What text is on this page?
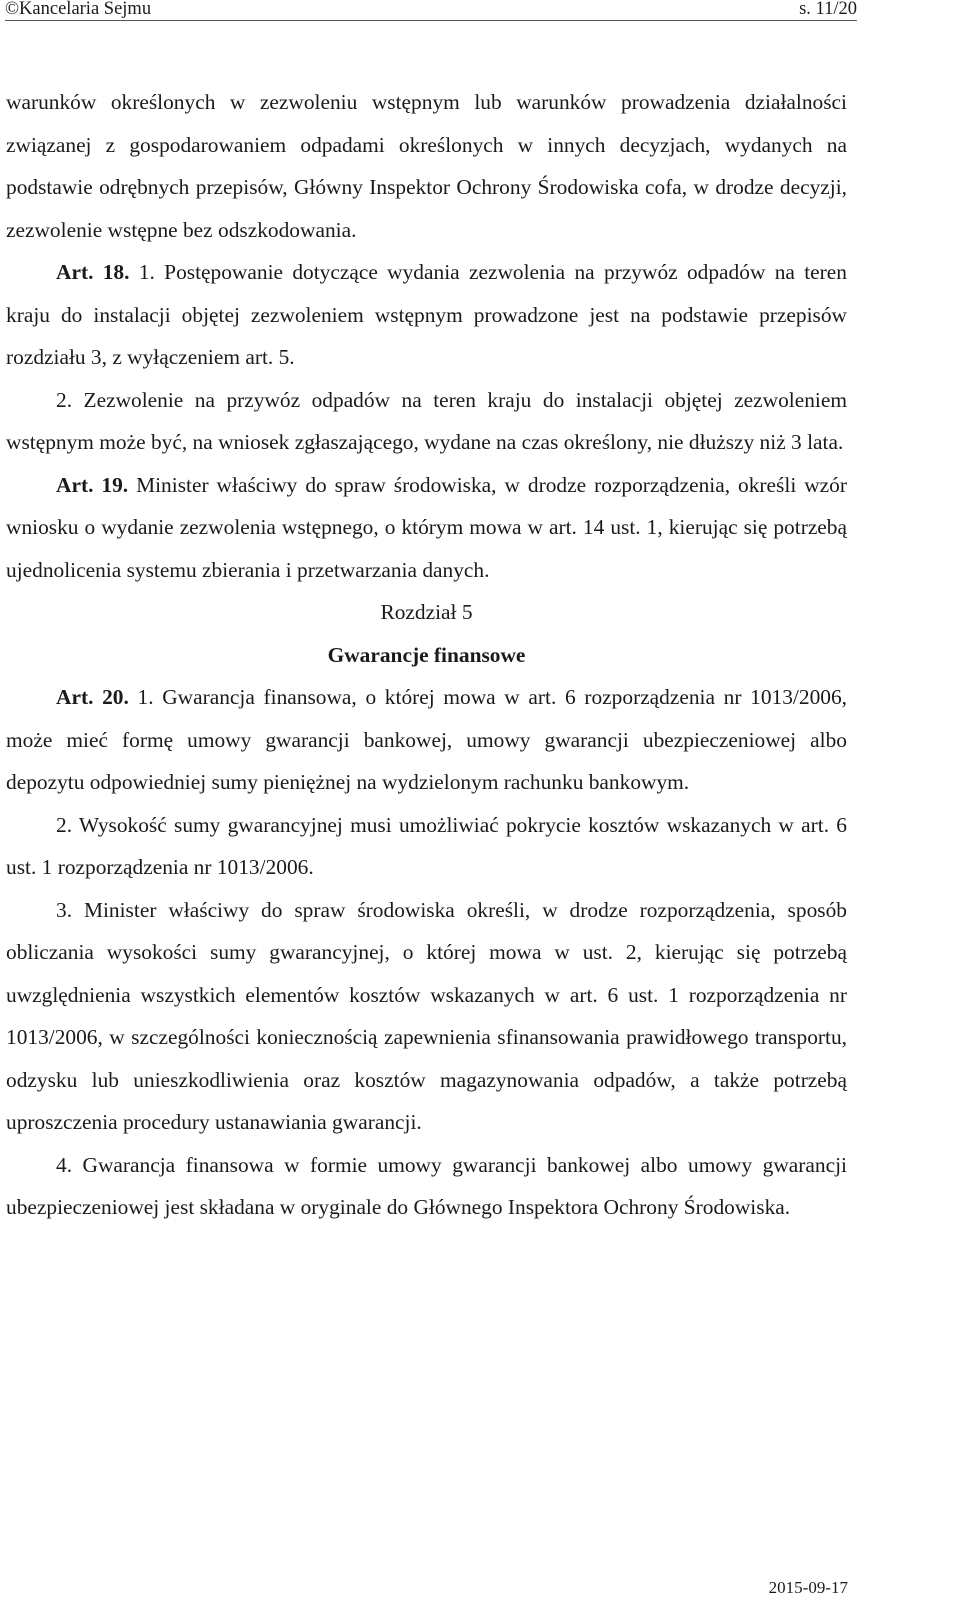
©Kancelaria Sejmu	s. 11/20

warunków określonych w zezwoleniu wstępnym lub warunków prowadzenia działalności związanej z gospodarowaniem odpadami określonych w innych decyzjach, wydanych na podstawie odrębnych przepisów, Główny Inspektor Ochrony Środowiska cofa, w drodze decyzji, zezwolenie wstępne bez odszkodowania.

Art. 18. 1. Postępowanie dotyczące wydania zezwolenia na przywóz odpadów na teren kraju do instalacji objętej zezwoleniem wstępnym prowadzone jest na podstawie przepisów rozdziału 3, z wyłączeniem art. 5.

2. Zezwolenie na przywóz odpadów na teren kraju do instalacji objętej zezwoleniem wstępnym może być, na wniosek zgłaszającego, wydane na czas określony, nie dłuższy niż 3 lata.

Art. 19. Minister właściwy do spraw środowiska, w drodze rozporządzenia, określi wzór wniosku o wydanie zezwolenia wstępnego, o którym mowa w art. 14 ust. 1, kierując się potrzebą ujednolicenia systemu zbierania i przetwarzania danych.

Rozdział 5

Gwarancje finansowe

Art. 20. 1. Gwarancja finansowa, o której mowa w art. 6 rozporządzenia nr 1013/2006, może mieć formę umowy gwarancji bankowej, umowy gwarancji ubezpieczeniowej albo depozytu odpowiedniej sumy pieniężnej na wydzielonym rachunku bankowym.

2. Wysokość sumy gwarancyjnej musi umożliwiać pokrycie kosztów wskazanych w art. 6 ust. 1 rozporządzenia nr 1013/2006.

3. Minister właściwy do spraw środowiska określi, w drodze rozporządzenia, sposób obliczania wysokości sumy gwarancyjnej, o której mowa w ust. 2, kierując się potrzebą uwzględnienia wszystkich elementów kosztów wskazanych w art. 6 ust. 1 rozporządzenia nr 1013/2006, w szczególności koniecznością zapewnienia sfinansowania prawidłowego transportu, odzysku lub unieszkodliwienia oraz kosztów magazynowania odpadów, a także potrzebą uproszczenia procedury ustanawiania gwarancji.

4. Gwarancja finansowa w formie umowy gwarancji bankowej albo umowy gwarancji ubezpieczeniowej jest składana w oryginale do Głównego Inspektora Ochrony Środowiska.

2015-09-17
